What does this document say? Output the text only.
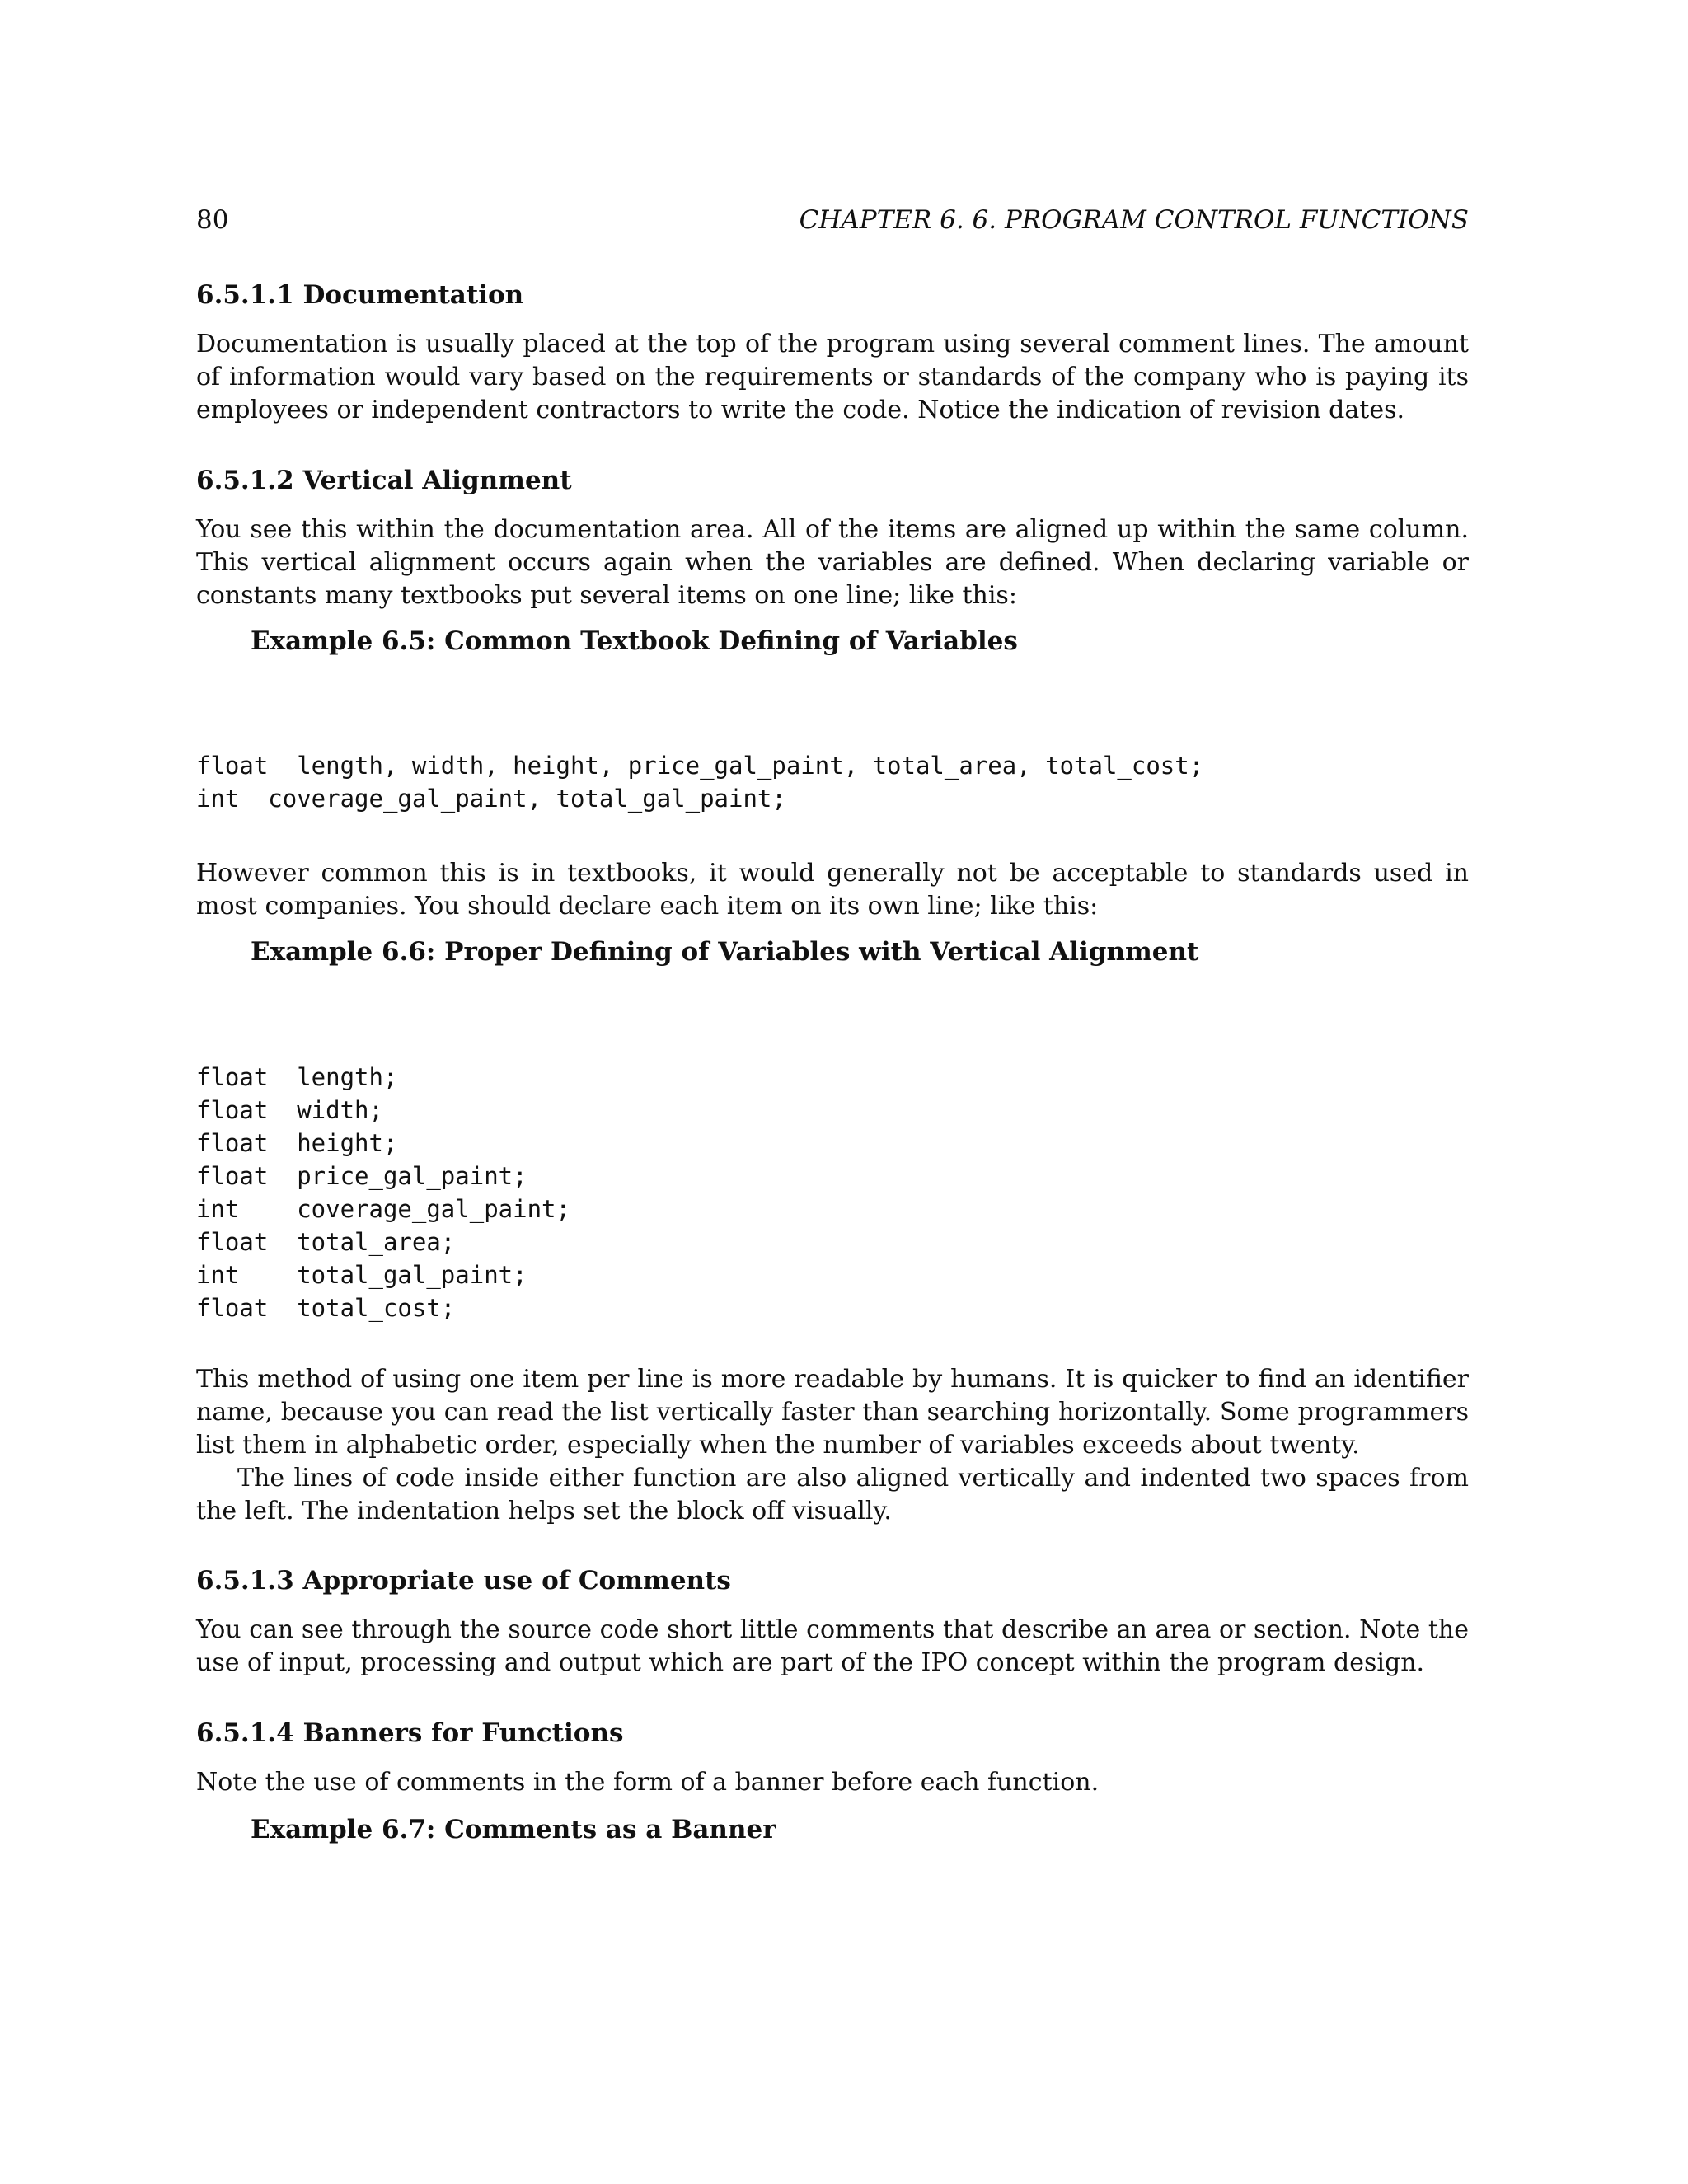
80	CHAPTER 6. 6. PROGRAM CONTROL FUNCTIONS
6.5.1.1 Documentation
Documentation is usually placed at the top of the program using several comment lines. The amount of information would vary based on the requirements or standards of the company who is paying its employees or independent contractors to write the code. Notice the indication of revision dates.
6.5.1.2 Vertical Alignment
You see this within the documentation area. All of the items are aligned up within the same column. This vertical alignment occurs again when the variables are defined. When declaring variable or constants many textbooks put several items on one line; like this:
Example 6.5: Common Textbook Defining of Variables
float  length, width, height, price_gal_paint, total_area, total_cost;
int  coverage_gal_paint, total_gal_paint;
However common this is in textbooks, it would generally not be acceptable to standards used in most companies. You should declare each item on its own line; like this:
Example 6.6: Proper Defining of Variables with Vertical Alignment
float  length;
float  width;
float  height;
float  price_gal_paint;
int    coverage_gal_paint;
float  total_area;
int    total_gal_paint;
float  total_cost;
This method of using one item per line is more readable by humans. It is quicker to find an identifier name, because you can read the list vertically faster than searching horizontally. Some programmers list them in alphabetic order, especially when the number of variables exceeds about twenty.
The lines of code inside either function are also aligned vertically and indented two spaces from the left. The indentation helps set the block off visually.
6.5.1.3 Appropriate use of Comments
You can see through the source code short little comments that describe an area or section. Note the use of input, processing and output which are part of the IPO concept within the program design.
6.5.1.4 Banners for Functions
Note the use of comments in the form of a banner before each function.
Example 6.7: Comments as a Banner
